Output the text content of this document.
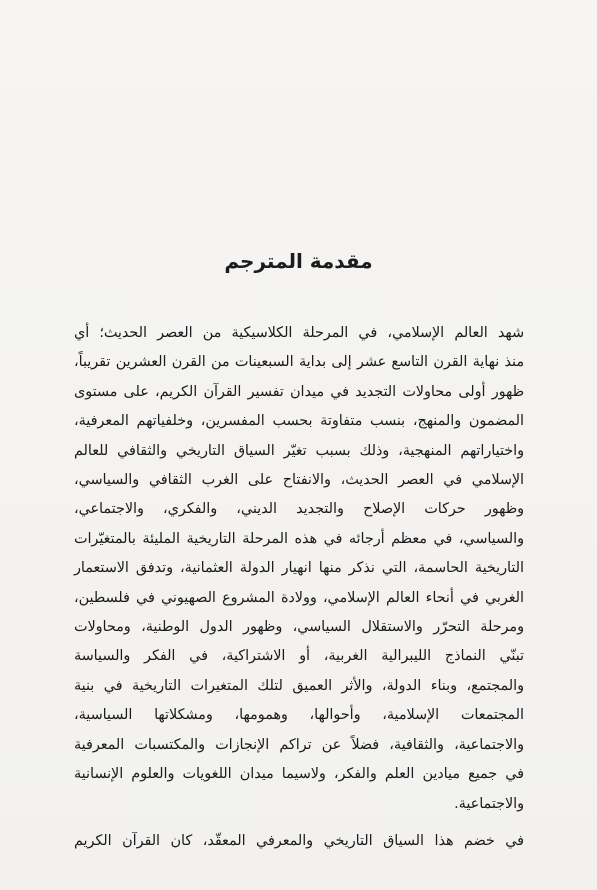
مقدمة المترجم

شهد العالم الإسلامي، في المرحلة الكلاسيكية من العصر الحديث؛ أي
منذ نهاية القرن التاسع عشر إلى بداية السبعينات من القرن العشرين تقريباً،
ظهور أولى محاولات التجديد في ميدان تفسير القرآن الكريم، على مستوى
المضمون والمنهج، بنسب متفاوتة بحسب المفسرين، وخلفياتهم المعرفية،
واختياراتهم المنهجية، وذلك بسبب تغيّر السياق التاريخي والثقافي للعالم
الإسلامي في العصر الحديث، والانفتاح على الغرب الثقافي والسياسي،
وظهور حركات الإصلاح والتجديد الديني، والفكري، والاجتماعي،
والسياسي، في معظم أرجائه في هذه المرحلة التاريخية المليئة بالمتغيّرات
التاريخية الحاسمة، التي نذكر منها انهيار الدولة العثمانية، وتدفق الاستعمار
الغربي في أنحاء العالم الإسلامي، وولادة المشروع الصهيوني في فلسطين،
ومرحلة التحرّر والاستقلال السياسي، وظهور الدول الوطنية، ومحاولات
تبنّي النماذج الليبرالية الغربية، أو الاشتراكية، في الفكر والسياسة
والمجتمع، وبناء الدولة، والأثر العميق لتلك المتغيرات التاريخية في بنية
المجتمعات الإسلامية، وأحوالها، وهمومها، ومشكلاتها السياسية،
والاجتماعية، والثقافية، فضلاً عن تراكم الإنجازات والمكتسبات المعرفية
في جميع ميادين العلم والفكر، ولاسيما ميدان اللغويات والعلوم الإنسانية
والاجتماعية.

في خضم هذا السياق التاريخي والمعرفي المعقّد، كان القرآن الكريم
